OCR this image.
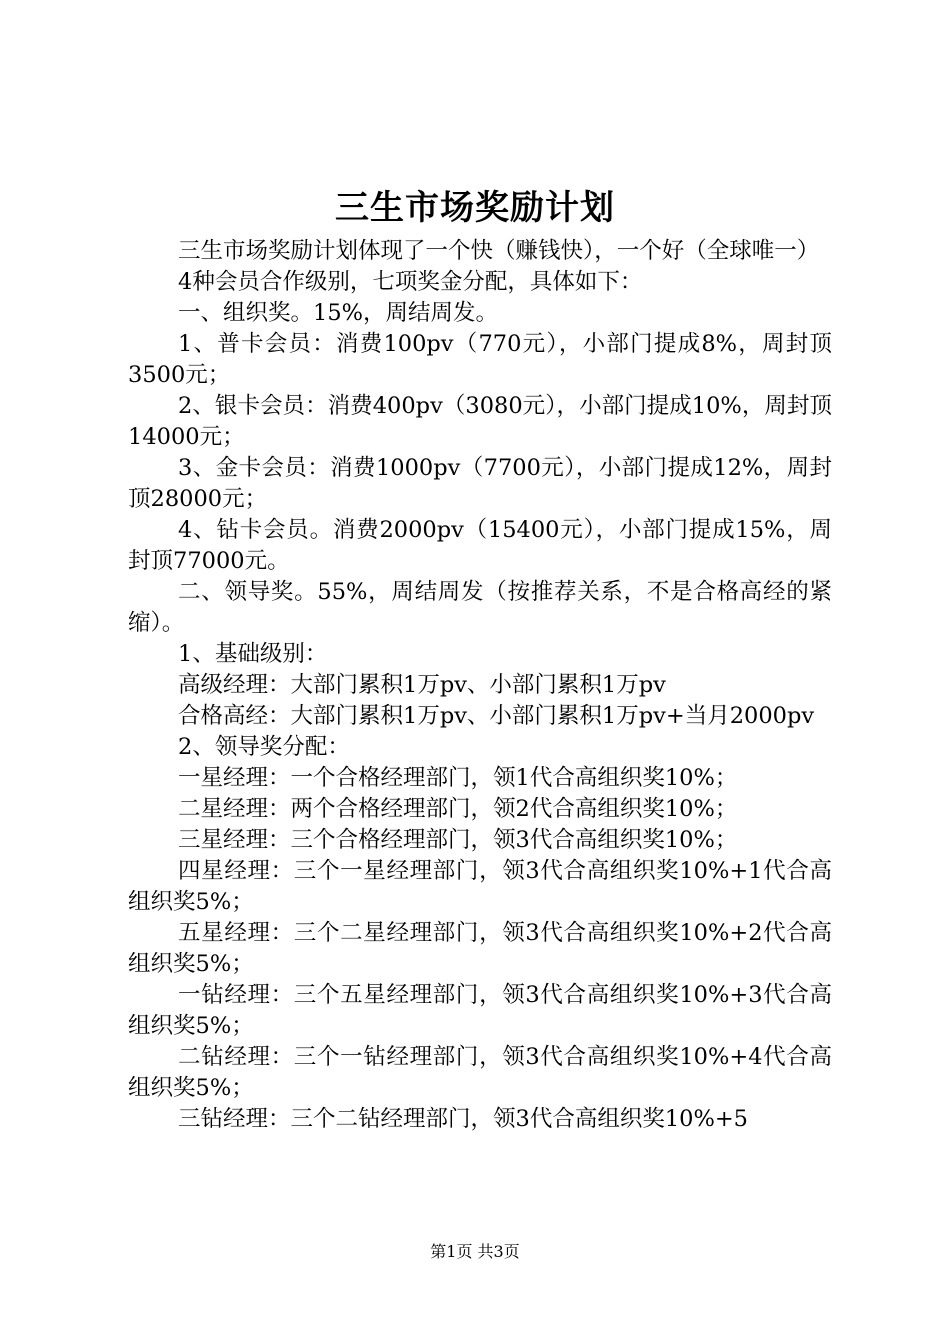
三生市场奖励计划

三生市场奖励计划体现了一个快（赚钱快），一个好（全球唯一）

4种会员合作级别，七项奖金分配，具体如下：

一、组织奖。15%，周结周发。

1、普卡会员：消费100pv（770元），小部门提成8%，周封顶3500元；

2、银卡会员：消费400pv（3080元），小部门提成10%，周封顶14000元；

3、金卡会员：消费1000pv（7700元），小部门提成12%，周封顶28000元；

4、钻卡会员。消费2000pv（15400元），小部门提成15%，周封顶77000元。

二、领导奖。55%，周结周发（按推荐关系，不是合格高经的紧缩）。

1、基础级别：

高级经理：大部门累积1万pv、小部门累积1万pv

合格高经：大部门累积1万pv、小部门累积1万pv+当月2000pv

2、领导奖分配：

一星经理：一个合格经理部门，领1代合高组织奖10%；

二星经理：两个合格经理部门，领2代合高组织奖10%；

三星经理：三个合格经理部门，领3代合高组织奖10%；

四星经理：三个一星经理部门，领3代合高组织奖10%+1代合高组织奖5%；

五星经理：三个二星经理部门，领3代合高组织奖10%+2代合高组织奖5%；

一钻经理：三个五星经理部门，领3代合高组织奖10%+3代合高组织奖5%；

二钻经理：三个一钻经理部门，领3代合高组织奖10%+4代合高组织奖5%；

三钻经理：三个二钻经理部门，领3代合高组织奖10%+5

第1页 共3页
